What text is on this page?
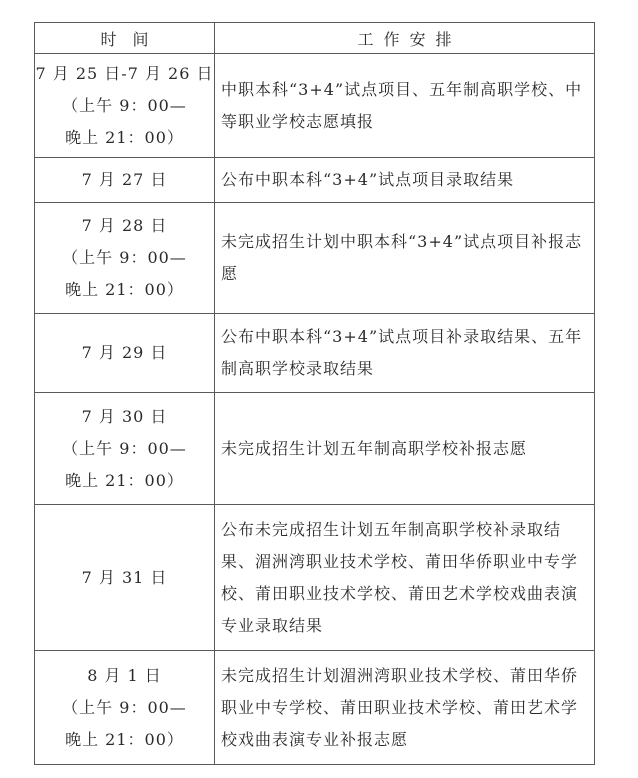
时间	工作安排

7 月 25 日-7 月 26 日
（上午 9：00—
晚上 21：00）	中职本科“3+4”试点项目、五年制高职学校、中等职业学校志愿填报

7 月 27 日	公布中职本科“3+4”试点项目录取结果

7 月 28 日
（上午 9：00—
晚上 21：00）	未完成招生计划中职本科“3+4”试点项目补报志愿

7 月 29 日	公布中职本科“3+4”试点项目补录取结果、五年制高职学校录取结果

7 月 30 日
（上午 9：00—
晚上 21：00）	未完成招生计划五年制高职学校补报志愿

7 月 31 日	公布未完成招生计划五年制高职学校补录取结果、湄洲湾职业技术学校、莆田华侨职业中专学校、莆田职业技术学校、莆田艺术学校戏曲表演专业录取结果

8 月 1 日
（上午 9：00—
晚上 21：00）	未完成招生计划湄洲湾职业技术学校、莆田华侨职业中专学校、莆田职业技术学校、莆田艺术学校戏曲表演专业补报志愿
